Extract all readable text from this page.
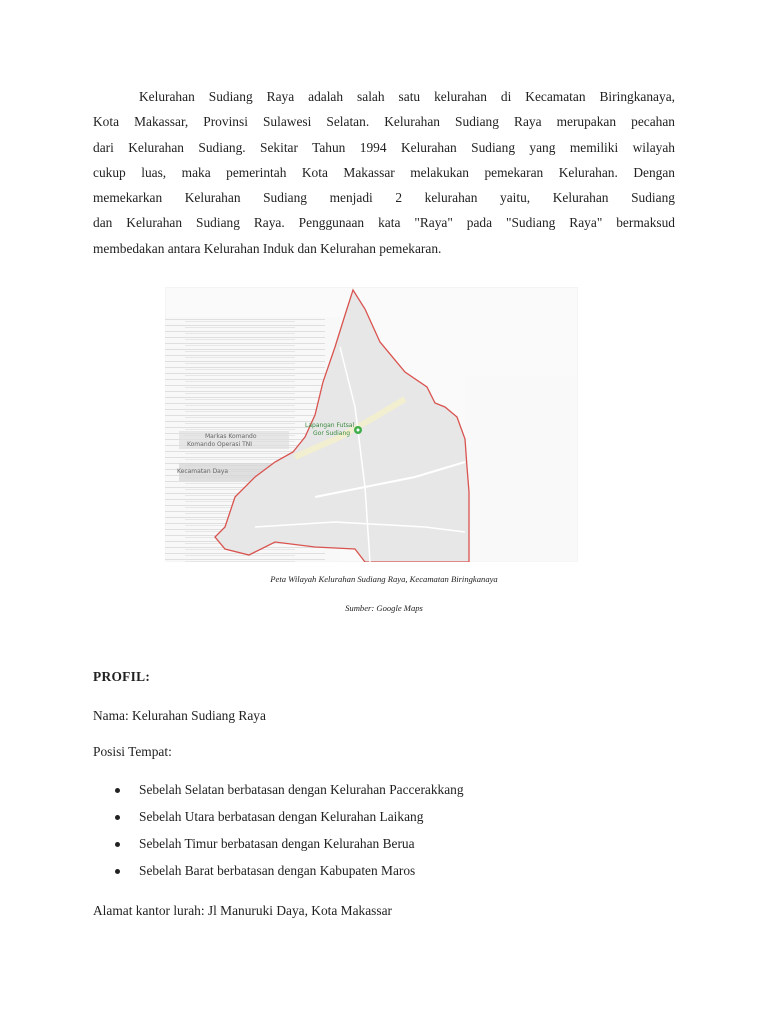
Kelurahan Sudiang Raya adalah salah satu kelurahan di Kecamatan Biringkanaya,
Kota Makassar, Provinsi Sulawesi Selatan. Kelurahan Sudiang Raya merupakan pecahan
dari Kelurahan Sudiang. Sekitar Tahun 1994 Kelurahan Sudiang yang memiliki wilayah
cukup luas, maka pemerintah Kota Makassar melakukan pemekaran Kelurahan. Dengan
memekarkan Kelurahan Sudiang menjadi 2 kelurahan yaitu, Kelurahan Sudiang
dan Kelurahan Sudiang Raya. Penggunaan kata "Raya" pada "Sudiang Raya" bermaksud
membedakan antara Kelurahan Induk dan Kelurahan pemekaran.
Markas Komando
Komando Operasi TNI
Kecamatan Daya
Lapangan Futsal
Gor Sudiang
Peta Wilayah Kelurahan Sudiang Raya, Kecamatan Biringkanaya
Sumber: Google Maps
PROFIL:
Nama: Kelurahan Sudiang Raya
Posisi Tempat:
Sebelah Selatan berbatasan dengan Kelurahan Paccerakkang
Sebelah Utara berbatasan dengan Kelurahan Laikang
Sebelah Timur berbatasan dengan Kelurahan Berua
Sebelah Barat berbatasan dengan Kabupaten Maros
Alamat kantor lurah: Jl Manuruki Daya, Kota Makassar
